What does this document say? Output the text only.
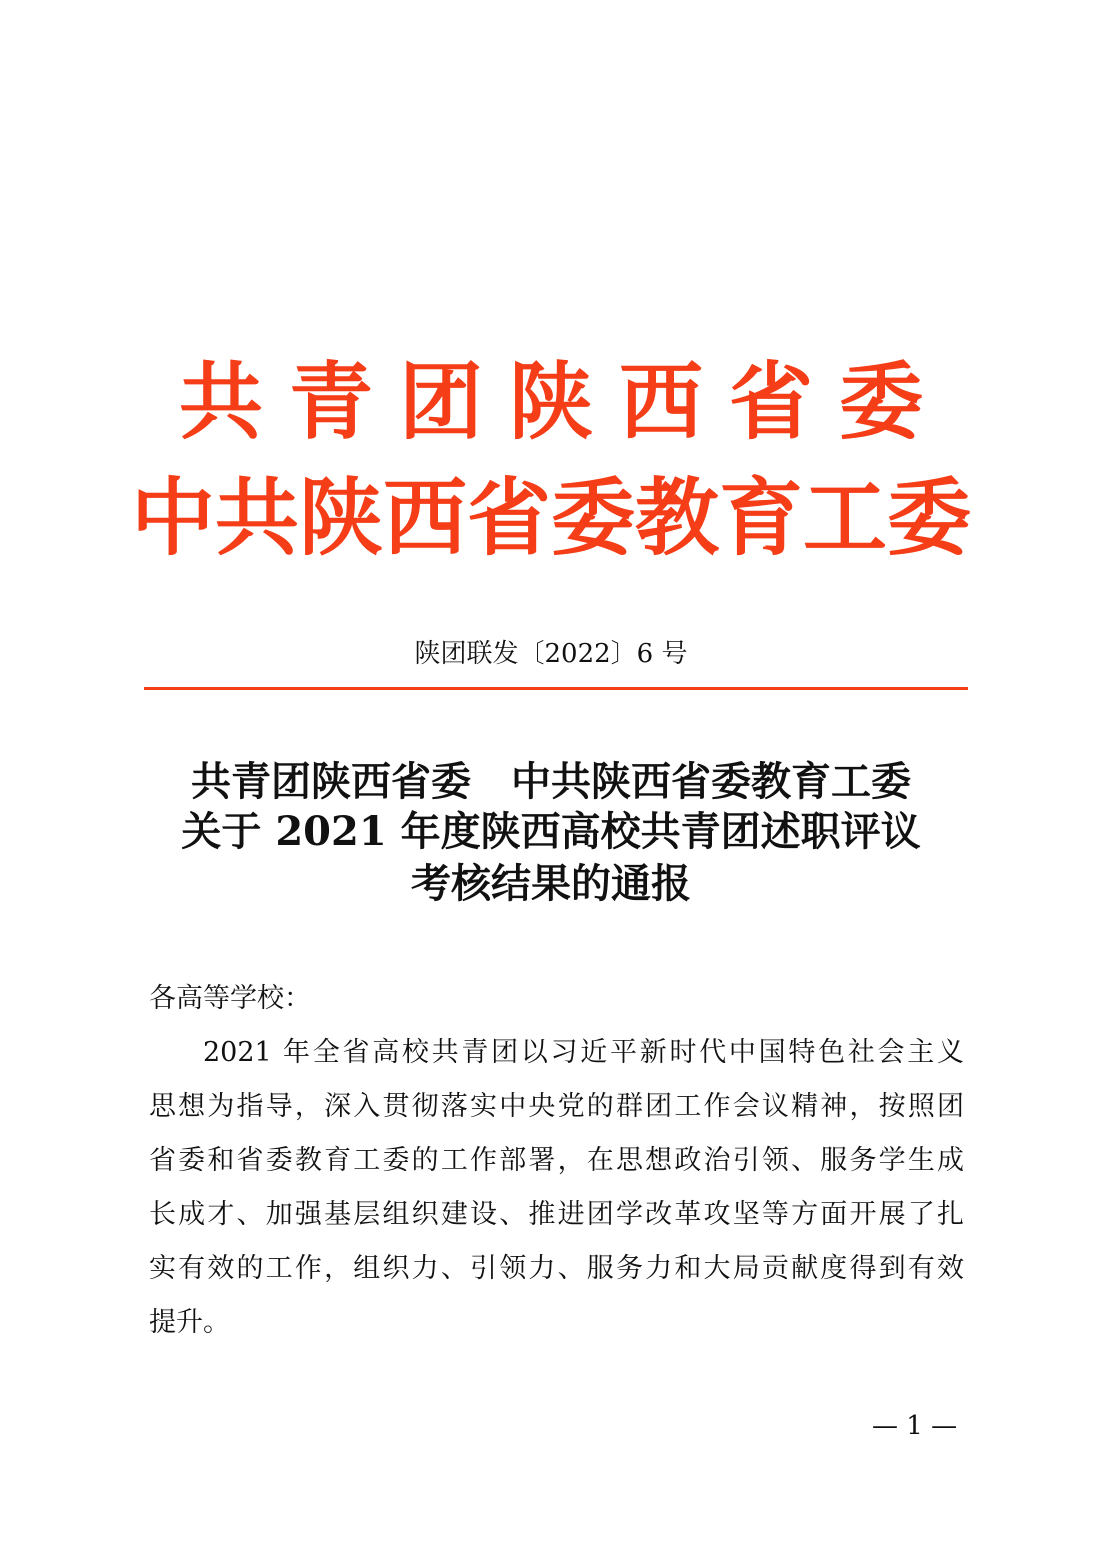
共青团陕西省委
中共陕西省委教育工委
陕团联发〔2022〕6 号
共青团陕西省委　中共陕西省委教育工委
关于 2021 年度陕西高校共青团述职评议
考核结果的通报
各高等学校：
2021 年全省高校共青团以习近平新时代中国特色社会主义
思想为指导，深入贯彻落实中央党的群团工作会议精神，按照团
省委和省委教育工委的工作部署，在思想政治引领、服务学生成
长成才、加强基层组织建设、推进团学改革攻坚等方面开展了扎
实有效的工作，组织力、引领力、服务力和大局贡献度得到有效
提升。
— 1 —
